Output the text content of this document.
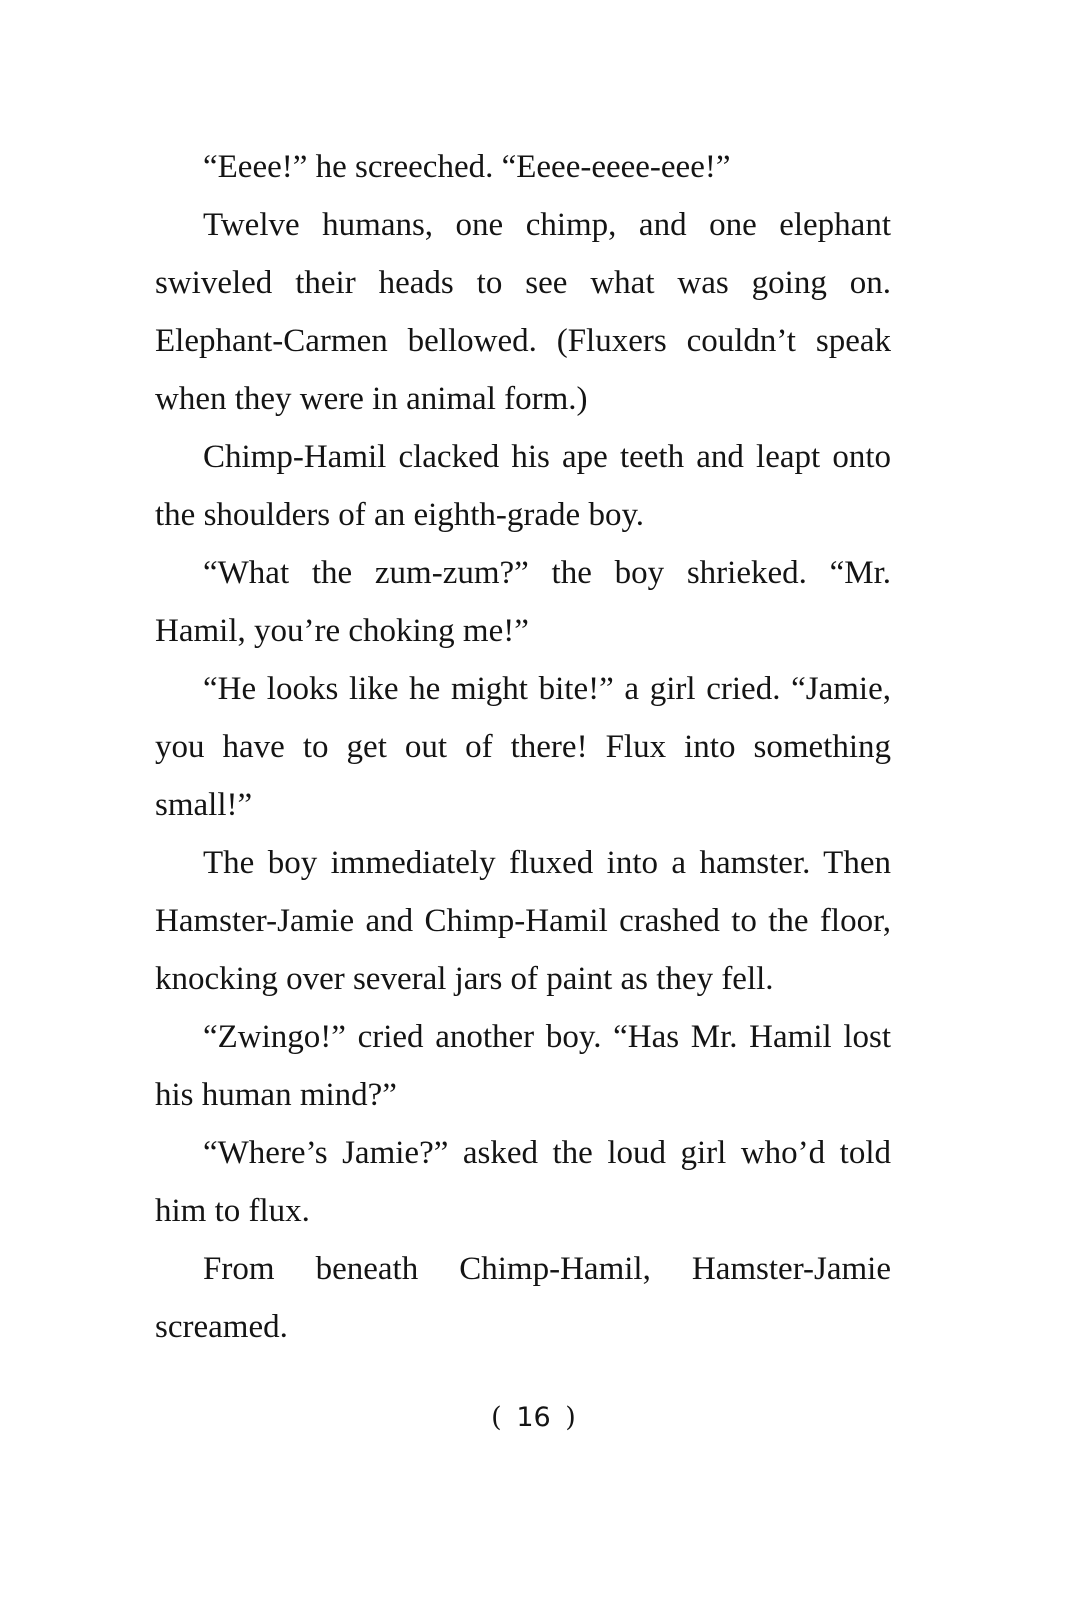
“Eeee!” he screeched. “Eeee-eeee-eee!”

Twelve humans, one chimp, and one elephant swiveled their heads to see what was going on. Elephant-Carmen bellowed. (Fluxers couldn’t speak when they were in animal form.)

Chimp-Hamil clacked his ape teeth and leapt onto the shoulders of an eighth-grade boy.

“What the zum-zum?” the boy shrieked. “Mr. Hamil, you’re choking me!”

“He looks like he might bite!” a girl cried. “Jamie, you have to get out of there! Flux into something small!”

The boy immediately fluxed into a hamster. Then Hamster-Jamie and Chimp-Hamil crashed to the floor, knocking over several jars of paint as they fell.

“Zwingo!” cried another boy. “Has Mr. Hamil lost his human mind?”

“Where’s Jamie?” asked the loud girl who’d told him to flux.

From beneath Chimp-Hamil, Hamster-Jamie screamed.

( 16 )
